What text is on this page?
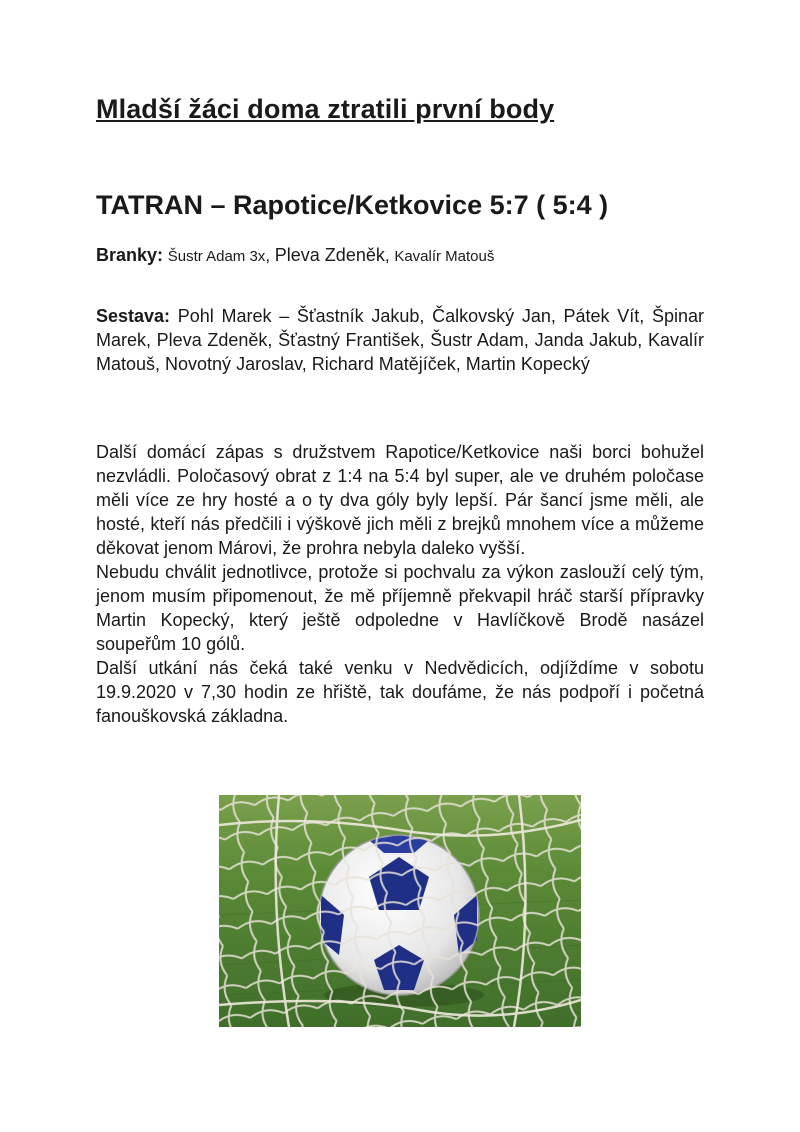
Mladší žáci doma ztratili první body
TATRAN – Rapotice/Ketkovice 5:7 ( 5:4 )

Branky: Šustr Adam 3x, Pleva Zdeněk, Kavalír Matouš

Sestava: Pohl Marek – Šťastník Jakub, Čalkovský Jan, Pátek Vít, Špinar Marek, Pleva Zdeněk, Šťastný František, Šustr Adam, Janda Jakub, Kavalír Matouš, Novotný Jaroslav, Richard Matějíček, Martin Kopecký

Další domácí zápas s družstvem Rapotice/Ketkovice naši borci bohužel nezvládli. Poločasový obrat z 1:4 na 5:4 byl super, ale ve druhém poločase měli více ze hry hosté a o ty dva góly byly lepší. Pár šancí jsme měli, ale hosté, kteří nás předčili i výškově jich měli z brejků mnohem více a můžeme děkovat jenom Márovi, že prohra nebyla daleko vyšší.
Nebudu chválit jednotlivce, protože si pochvalu za výkon zaslouží celý tým, jenom musím připomenout, že mě příjemně překvapil hráč starší přípravky Martin Kopecký, který ještě odpoledne v Havlíčkově Brodě nasázel soupeřům 10 gólů.
Další utkání nás čeká také venku v Nedvědicích, odjíždíme v sobotu 19.9.2020 v 7,30 hodin ze hřiště, tak doufáme, že nás podpoří i početná fanouškovská základna.
